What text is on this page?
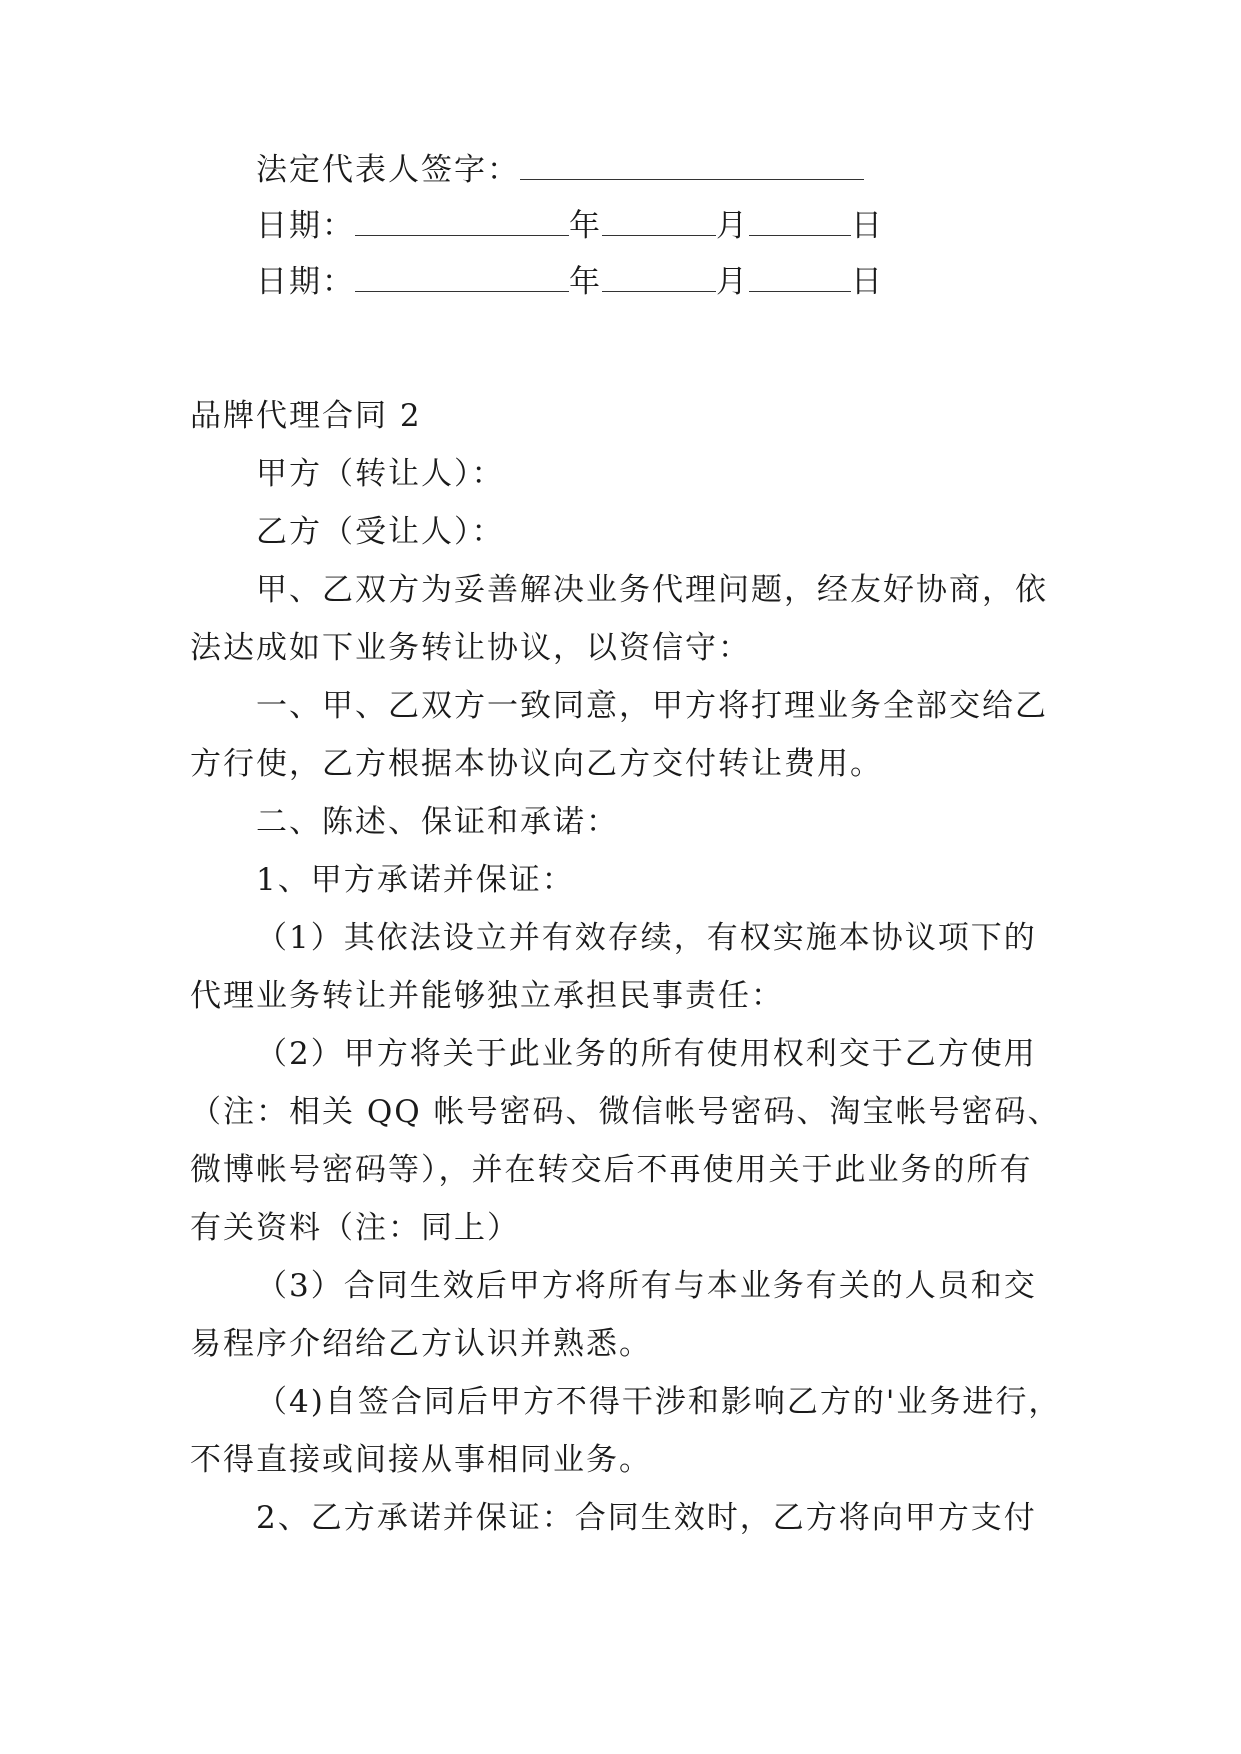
法定代表人签字：
日期：	年	月	日
日期：	年	月	日
品牌代理合同 2
甲方（转让人）：
乙方（受让人）：
甲、乙双方为妥善解决业务代理问题，经友好协商，依
法达成如下业务转让协议，以资信守：
一、甲、乙双方一致同意，甲方将打理业务全部交给乙
方行使，乙方根据本协议向乙方交付转让费用。
二、陈述、保证和承诺：
1、甲方承诺并保证：
（1）其依法设立并有效存续，有权实施本协议项下的
代理业务转让并能够独立承担民事责任：
（2）甲方将关于此业务的所有使用权利交于乙方使用
（注：相关 QQ 帐号密码、微信帐号密码、淘宝帐号密码、
微博帐号密码等），并在转交后不再使用关于此业务的所有
有关资料（注：同上）
（3）合同生效后甲方将所有与本业务有关的人员和交
易程序介绍给乙方认识并熟悉。
（4)自签合同后甲方不得干涉和影响乙方的'业务进行，
不得直接或间接从事相同业务。
2、乙方承诺并保证：合同生效时，乙方将向甲方支付
